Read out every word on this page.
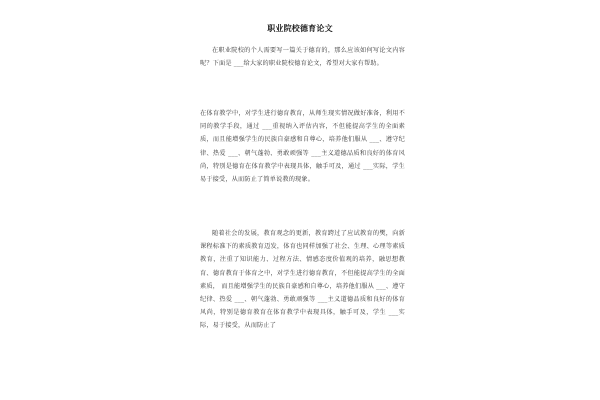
职业院校德育论文
在职业院校的个人需要写一篇关于德育的，那么应该如何写论文内容呢？下面是 ___给大家的职业院校德育论文，希望对大家有帮助。
在体育教学中，对学生进行德育教育，从师生现实情况做好准备，利用不同的教学手段，通过 ___重视纳入评估内容，不但能提高学生的全面素质，而且能增强学生的民族自豪感和自尊心，培养他们服从 ___、遵守纪律、热爱 ___、朝气蓬勃、勇敢顽强等 ___主义道德品质和良好的体育风尚，特别是德育在体育教学中表现具体，触手可及，通过 ___实际，学生易于接受，从而防止了简单说教的现象。
随着社会的发展，教育观念的更新，教育跨过了应试教育的樊，向新课程标准下的素质教育迈发，体育也同样加强了社会、生理、心理等素质教育，注重了知识能力、过程方法、情感态度价值观的培养，融思想教育、德育教育于体育之中，对学生进行德育教育，不但能提高学生的全面素质， 而且能增强学生的民族自豪感和自尊心，培养他们服从 ___、遵守纪律、热爱 ___、朝气蓬勃、勇敢顽强等 ___主义道德品质和良好的体育风尚，特别是德育教育在体育教学中表现具体，触手可及，学生 ___实际，易于接受，从而防止了
